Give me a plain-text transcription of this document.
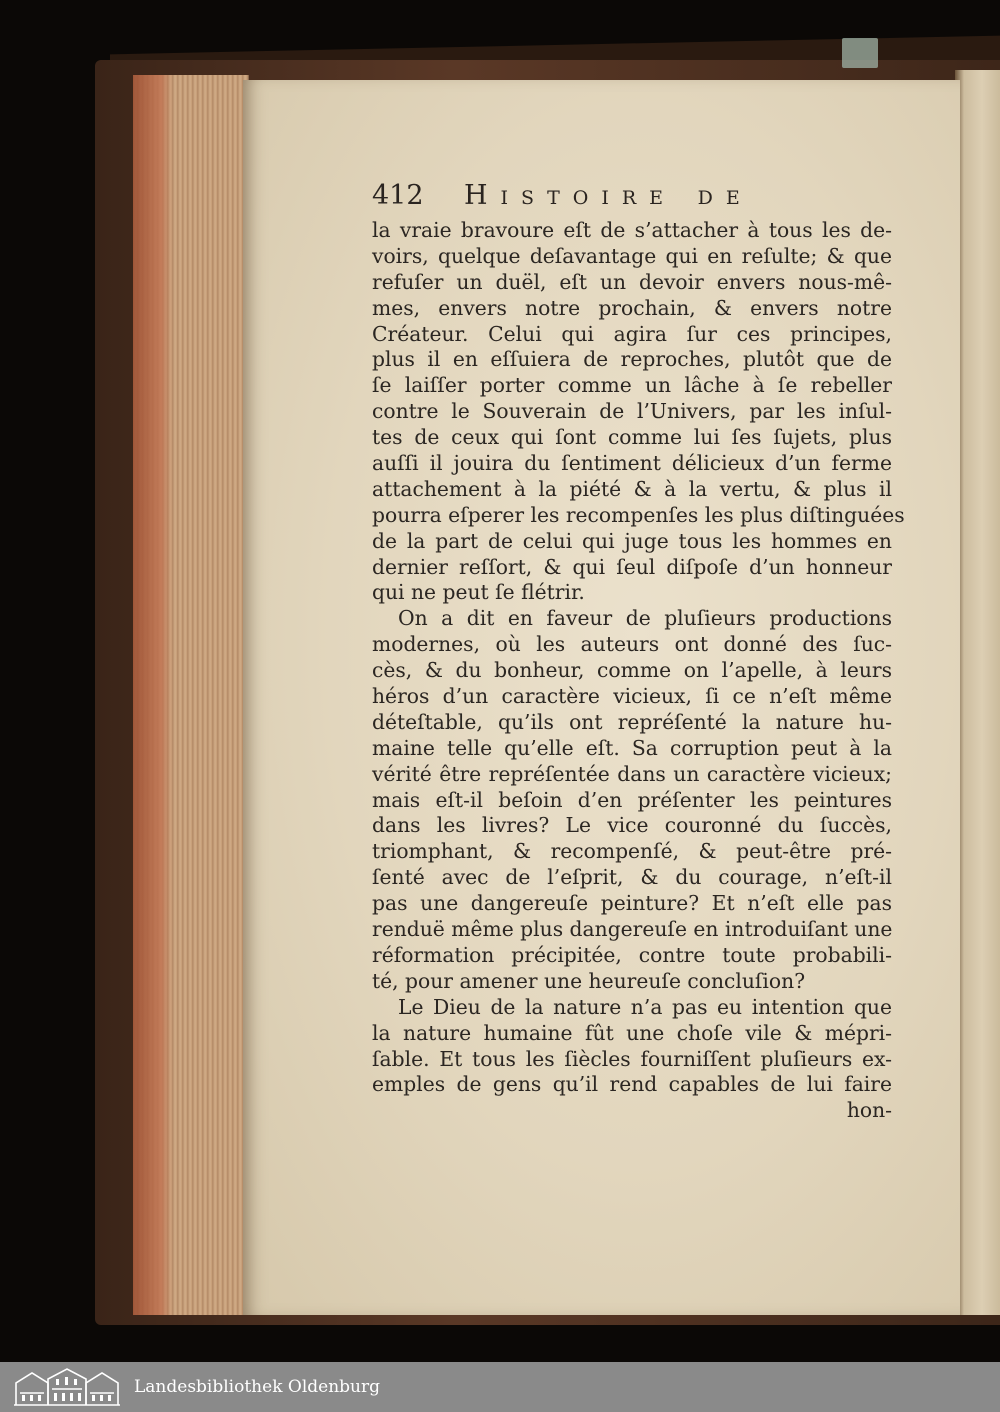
412 Histoire de
la vraie bravoure eſt de s’attacher à tous les de-
voirs, quelque deſavantage qui en reſulte; & que
refuſer un duël, eſt un devoir envers nous-mê-
mes, envers notre prochain, & envers notre
Créateur. Celui qui agira ſur ces principes,
plus il en eſſuiera de reproches, plutôt que de
ſe laiſſer porter comme un lâche à ſe rebeller
contre le Souverain de l’Univers, par les inſul-
tes de ceux qui ſont comme lui ſes ſujets, plus
auſſi il jouira du ſentiment délicieux d’un ferme
attachement à la piété & à la vertu, & plus il
pourra eſperer les recompenſes les plus diſtinguées
de la part de celui qui juge tous les hommes en
dernier reſſort, & qui ſeul diſpoſe d’un honneur
qui ne peut ſe flétrir.
On a dit en faveur de pluſieurs productions
modernes, où les auteurs ont donné des ſuc-
cès, & du bonheur, comme on l’apelle, à leurs
héros d’un caractère vicieux, ſi ce n’eſt même
déteſtable, qu’ils ont repréſenté la nature hu-
maine telle qu’elle eſt. Sa corruption peut à la
vérité être repréſentée dans un caractère vicieux;
mais eſt-il beſoin d’en préſenter les peintures
dans les livres? Le vice couronné du ſuccès,
triomphant, & recompenſé, & peut-être pré-
ſenté avec de l’eſprit, & du courage, n’eſt-il
pas une dangereuſe peinture? Et n’eſt elle pas
renduë même plus dangereuſe en introduiſant une
réformation précipitée, contre toute probabili-
té, pour amener une heureuſe concluſion?
Le Dieu de la nature n’a pas eu intention que
la nature humaine fût une choſe vile & mépri-
ſable. Et tous les ſiècles fourniſſent pluſieurs ex-
emples de gens qu’il rend capables de lui faire
hon-
Landesbibliothek Oldenburg
